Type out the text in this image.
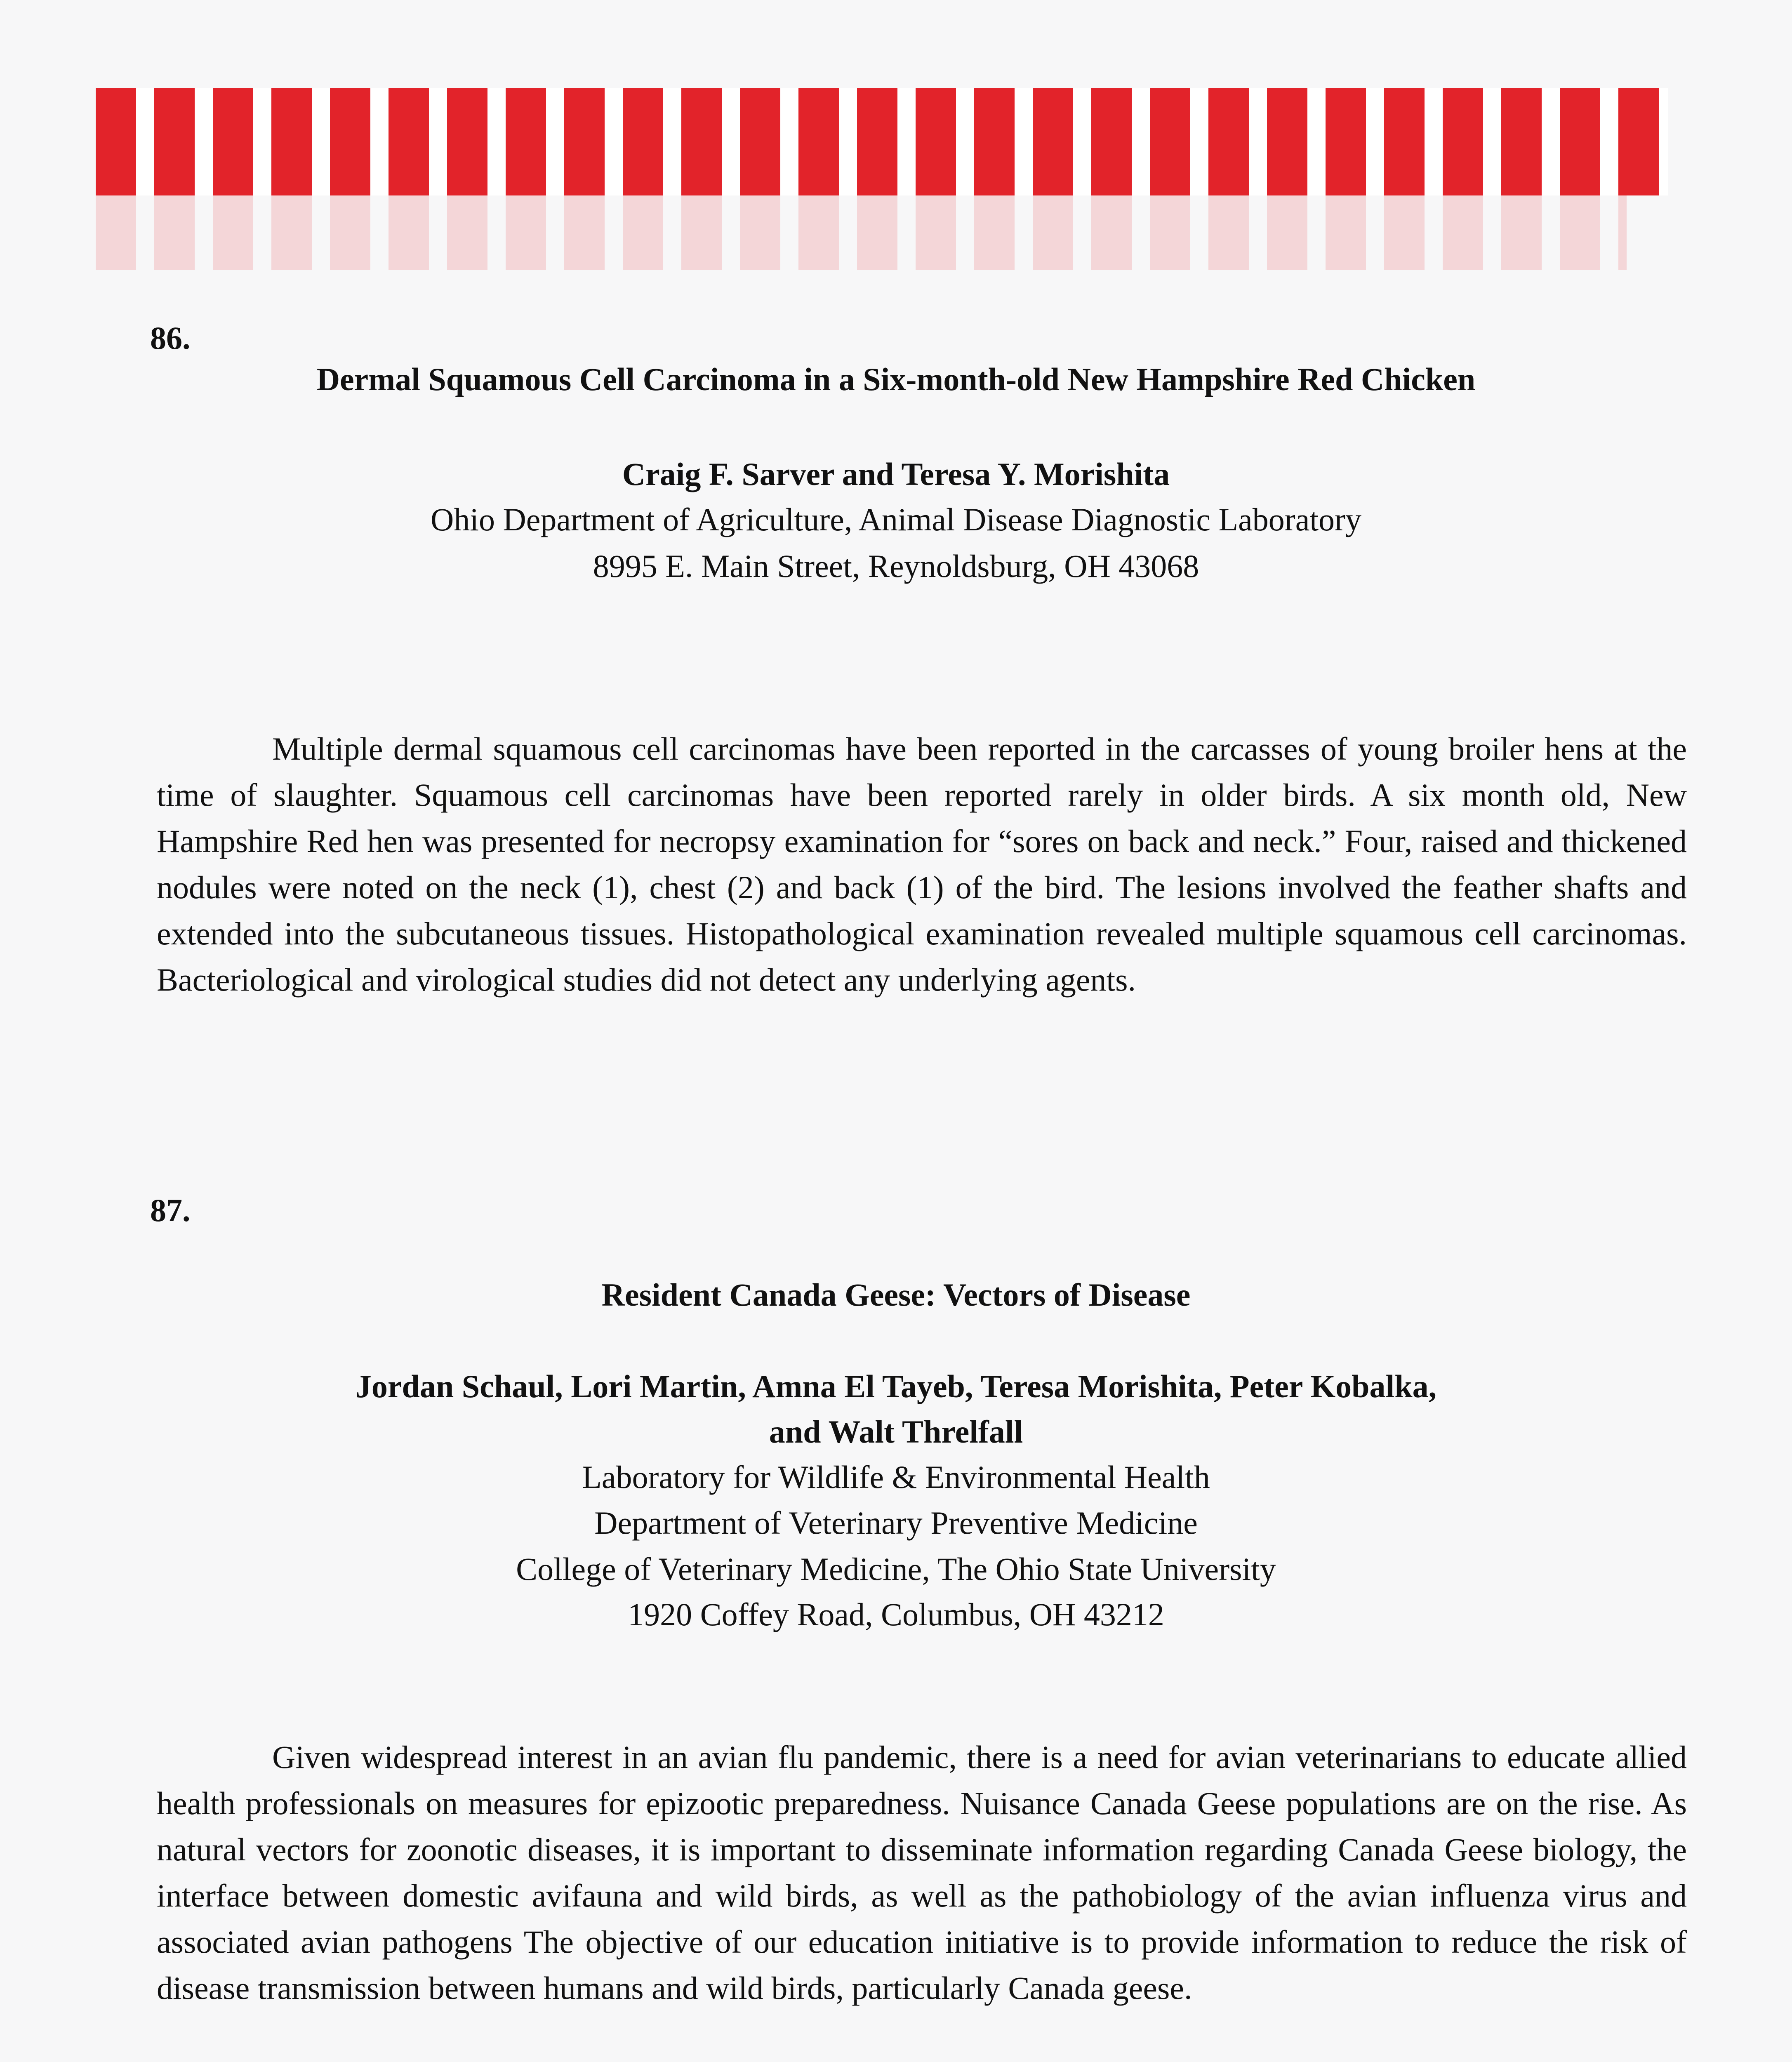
86.
Dermal Squamous Cell Carcinoma in a Six-month-old New Hampshire Red Chicken
Craig F. Sarver and Teresa Y. Morishita
Ohio Department of Agriculture, Animal Disease Diagnostic Laboratory
8995 E. Main Street, Reynoldsburg, OH 43068

Multiple dermal squamous cell carcinomas have been reported in the carcasses of young broiler hens at the time of slaughter. Squamous cell carcinomas have been reported rarely in older birds. A six month old, New Hampshire Red hen was presented for necropsy examination for “sores on back and neck.” Four, raised and thickened nodules were noted on the neck (1), chest (2) and back (1) of the bird. The lesions involved the feather shafts and extended into the subcutaneous tissues. Histopathological examination revealed multiple squamous cell carcinomas. Bacteriological and virological studies did not detect any underlying agents.

87.
Resident Canada Geese: Vectors of Disease
Jordan Schaul, Lori Martin, Amna El Tayeb, Teresa Morishita, Peter Kobalka,
and Walt Threlfall
Laboratory for Wildlife & Environmental Health
Department of Veterinary Preventive Medicine
College of Veterinary Medicine, The Ohio State University
1920 Coffey Road, Columbus, OH 43212

Given widespread interest in an avian flu pandemic, there is a need for avian veterinarians to educate allied health professionals on measures for epizootic preparedness. Nuisance Canada Geese populations are on the rise. As natural vectors for zoonotic diseases, it is important to disseminate information regarding Canada Geese biology, the interface between domestic avifauna and wild birds, as well as the pathobiology of the avian influenza virus and associated avian pathogens The objective of our education initiative is to provide information to reduce the risk of disease transmission between humans and wild birds, particularly Canada geese.
